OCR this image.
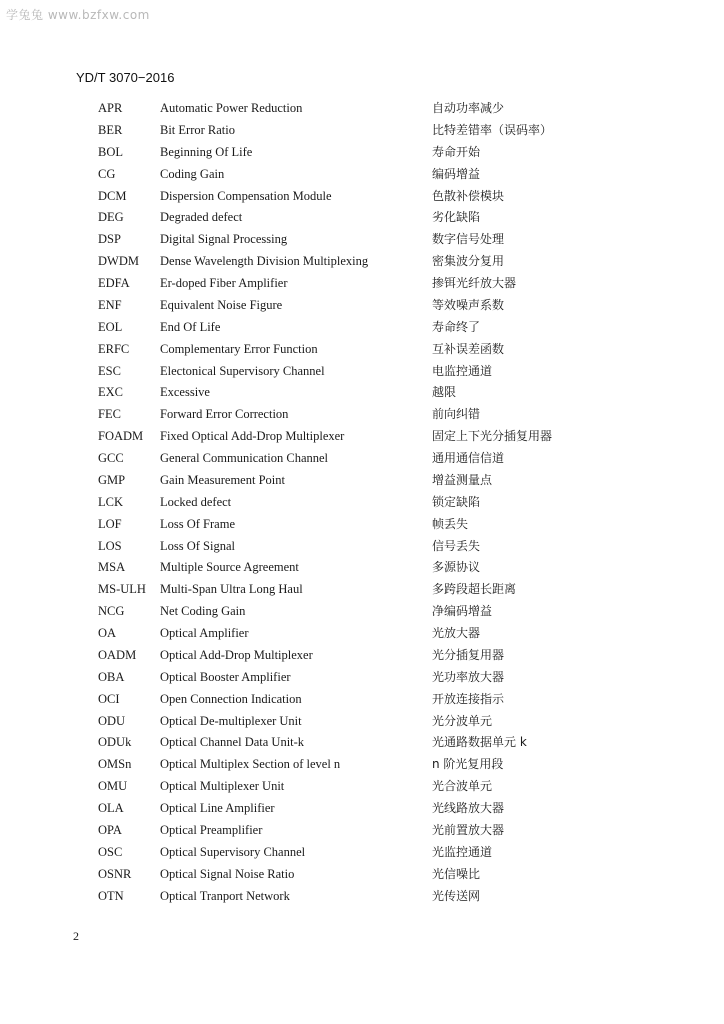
学兔兔 www.bzfxw.com
YD/T 3070−2016
APR	Automatic Power Reduction	自动功率减少
BER	Bit Error Ratio	比特差错率（误码率）
BOL	Beginning Of Life	寿命开始
CG	Coding Gain	编码增益
DCM	Dispersion Compensation Module	色散补偿模块
DEG	Degraded defect	劣化缺陷
DSP	Digital Signal Processing	数字信号处理
DWDM Dense Wavelength Division Multiplexing	密集波分复用
EDFA Er-doped Fiber Amplifier	掺铒光纤放大器
ENF	Equivalent Noise Figure	等效噪声系数
EOL	End Of Life	寿命终了
ERFC Complementary Error Function	互补误差函数
ESC	Electonical Supervisory Channel	电监控通道
EXC	Excessive	越限
FEC	Forward Error Correction	前向纠错
FOADM Fixed Optical Add-Drop Multiplexer	固定上下光分插复用器
GCC	General Communication Channel	通用通信信道
GMP	Gain Measurement Point	增益测量点
LCK	Locked defect	锁定缺陷
LOF	Loss Of Frame	帧丢失
LOS	Loss Of Signal	信号丢失
MSA	Multiple Source Agreement	多源协议
MS-ULH Multi-Span Ultra Long Haul	多跨段超长距离
NCG	Net Coding Gain	净编码增益
OA	Optical Amplifier	光放大器
OADM Optical Add-Drop Multiplexer	光分插复用器
OBA	Optical Booster Amplifier	光功率放大器
OCI	Open Connection Indication	开放连接指示
ODU	Optical De-multiplexer Unit	光分波单元
ODUk Optical Channel Data Unit-k	光通路数据单元 k
OMSn Optical Multiplex Section of level n	n 阶光复用段
OMU	Optical Multiplexer Unit	光合波单元
OLA	Optical Line Amplifier	光线路放大器
OPA	Optical Preamplifier	光前置放大器
OSC	Optical Supervisory Channel	光监控通道
OSNR Optical Signal Noise Ratio	光信噪比
OTN	Optical Tranport Network	光传送网
2
